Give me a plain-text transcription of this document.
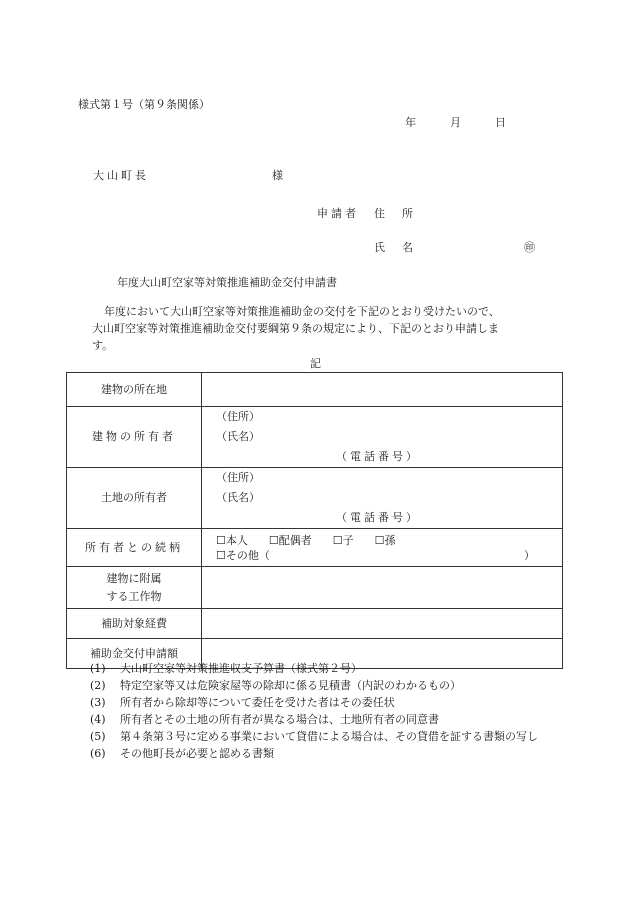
様式第１号（第９条関係）
年	月	日
大山町長	様
申請者 住　所
氏　名	㊞
年度大山町空家等対策推進補助金交付申請書
年度において大山町空家等対策推進補助金の交付を下記のとおり受けたいので、
大山町空家等対策推進補助金交付要綱第９条の規定により、下記のとおり申請しま
す。
記
建物の所在地	
建物の所有者	（住所）
（氏名）
（電話番号）

土地の所有者	（住所）
（氏名）
（電話番号）

所有者との続柄	☐本人 ☐配偶者 ☐子 ☐孫
☐その他（ ）

建物に附属
する工作物	

補助対象経費	
補助金交付申請額	
(1)	大山町空家等対策推進収支予算書（様式第２号）
(2)	特定空家等又は危険家屋等の除却に係る見積書（内訳のわかるもの）
(3)	所有者から除却等について委任を受けた者はその委任状
(4)	所有者とその土地の所有者が異なる場合は、土地所有者の同意書
(5)	第４条第３号に定める事業において貸借による場合は、その貸借を証する書類の写し
(6)	その他町長が必要と認める書類
